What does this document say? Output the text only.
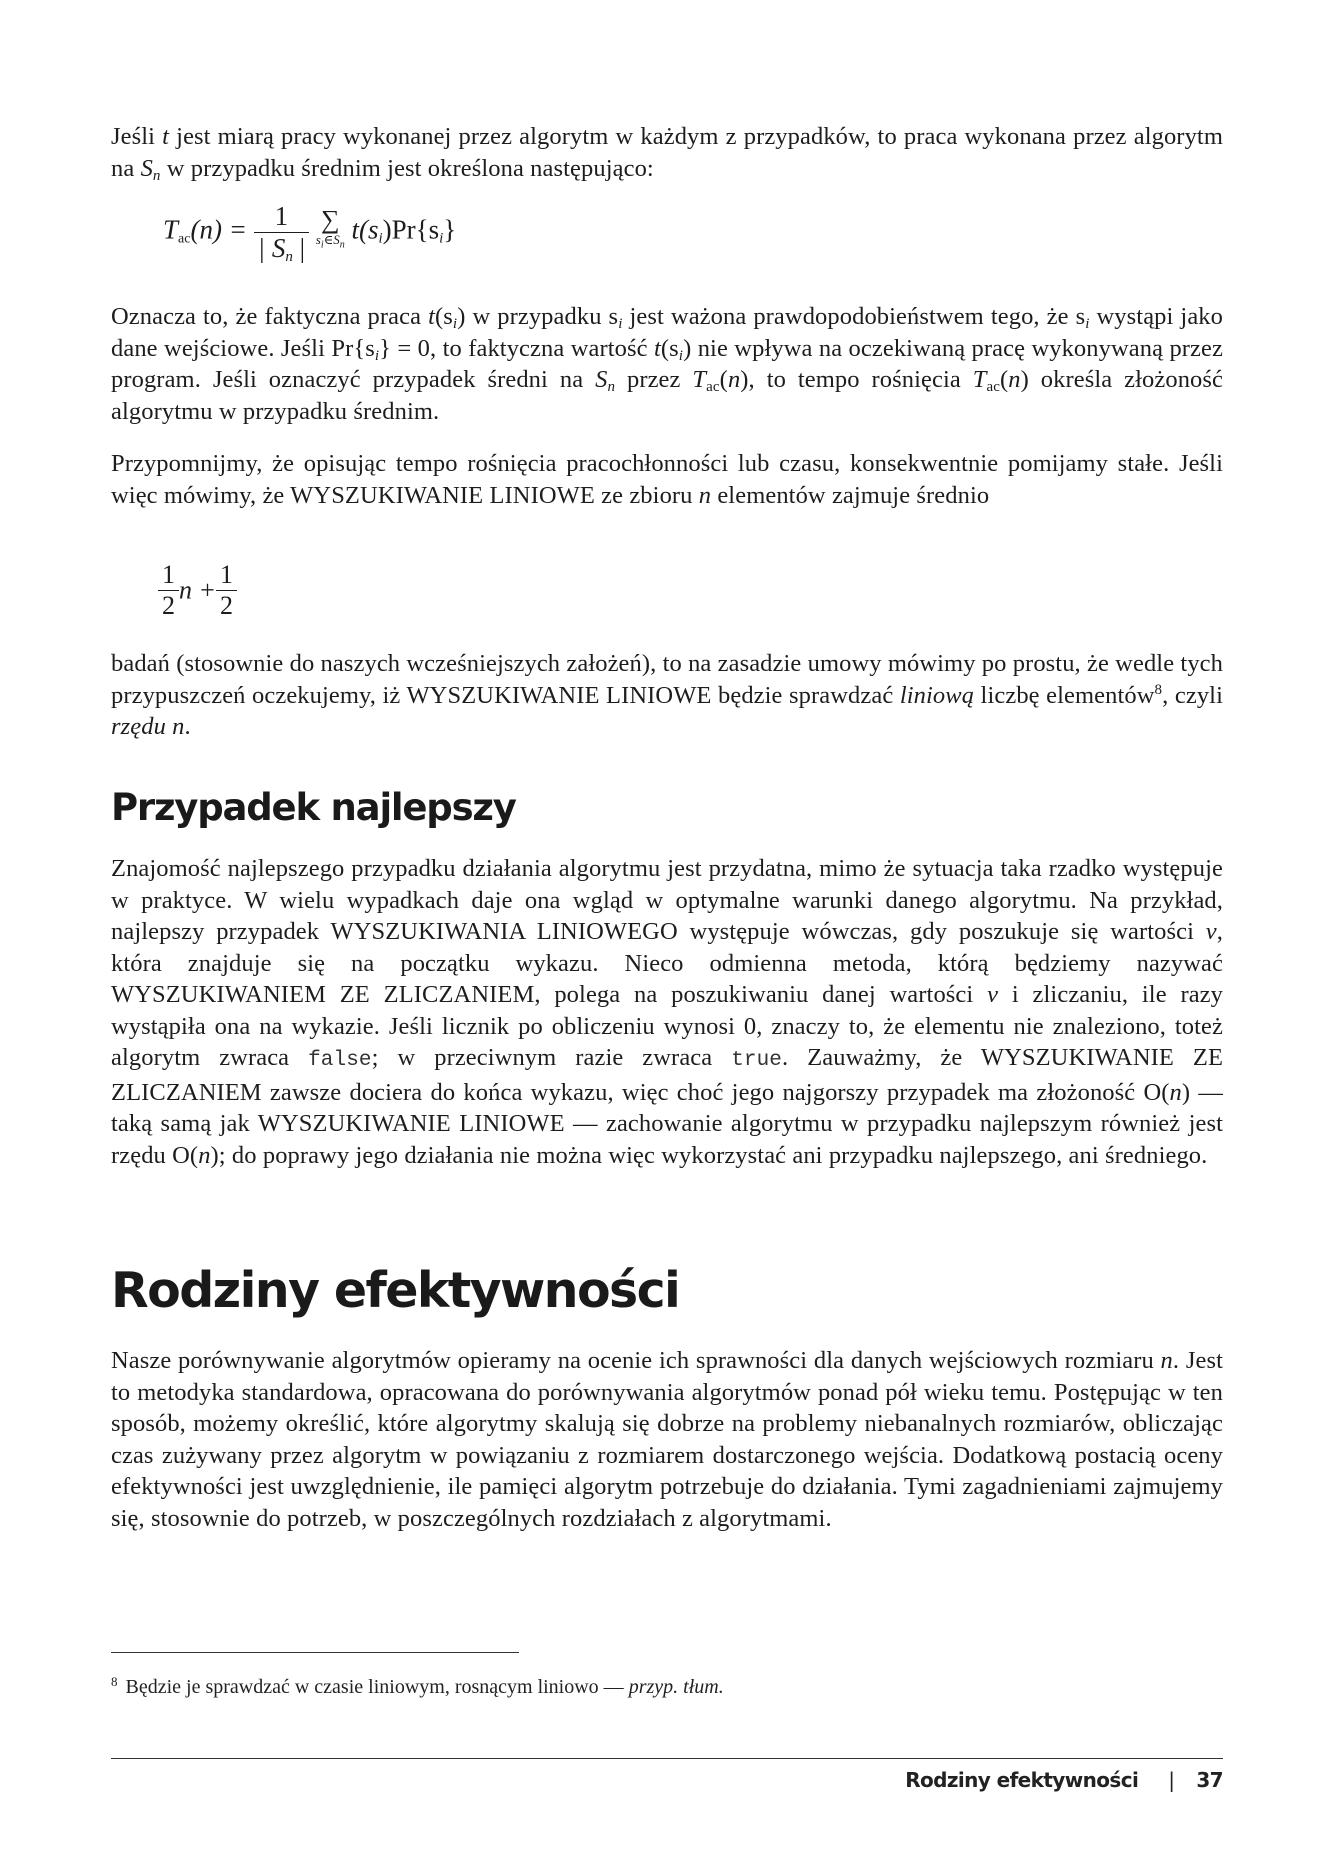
Jeśli t jest miarą pracy wykonanej przez algorytm w każdym z przypadków, to praca wykonana przez algorytm na $S_n$ w przypadku średnim jest określona następująco:

$T_{ac}(n) = \frac{1}{| S_n |}$
∑
$s_i\in S_n$
$t(s_i)Pr\{s_i\}$

Oznacza to, że faktyczna praca $t(s_i)$ w przypadku $s_i$ jest ważona prawdopodobieństwem tego, że $s_i$ wystąpi jako dane wejściowe. Jeśli $Pr\{s_i\} = 0$, to faktyczna wartość $t(s_i)$ nie wpływa na oczekiwaną pracę wykonywaną przez program. Jeśli oznaczyć przypadek średni na $S_n$ przez $T_{ac}(n)$, to tempo rośnięcia $T_{ac}(n)$ określa złożoność algorytmu w przypadku średnim.

Przypomnijmy, że opisując tempo rośnięcia pracochłonności lub czasu, konsekwentnie pomijamy stałe. Jeśli więc mówimy, że WYSZUKIWANIE LINIOWE ze zbioru n elementów zajmuje średnio

$\frac{1}{2}$ $n + \frac{1}{2}$

badań (stosownie do naszych wcześniejszych założeń), to na zasadzie umowy mówimy po prostu, że wedle tych przypuszczeń oczekujemy, iż WYSZUKIWANIE LINIOWE będzie sprawdzać liniową liczbę elementów$^8$, czyli rzędu n.

Przypadek najlepszy

Znajomość najlepszego przypadku działania algorytmu jest przydatna, mimo że sytuacja taka rzadko występuje w praktyce. W wielu wypadkach daje ona wgląd w optymalne warunki danego algorytmu. Na przykład, najlepszy przypadek WYSZUKIWANIA LINIOWEGO występuje wówczas, gdy poszukuje się wartości v, która znajduje się na początku wykazu. Nieco odmienna metoda, którą będziemy nazywać WYSZUKIWANIEM ZE ZLICZANIEM, polega na poszukiwaniu danej wartości v i zliczaniu, ile razy wystąpiła ona na wykazie. Jeśli licznik po obliczeniu wynosi 0, znaczy to, że elementu nie znaleziono, toteż algorytm zwraca false; w przeciwnym razie zwraca true. Zauważmy, że WYSZUKIWANIE ZE ZLICZANIEM zawsze dociera do końca wykazu, więc choć jego najgorszy przypadek ma złożoność O(n) — taką samą jak WYSZUKIWANIE LINIOWE — zachowanie algorytmu w przypadku najlepszym również jest rzędu O(n); do poprawy jego działania nie można więc wykorzystać ani przypadku najlepszego, ani średniego.

Rodziny efektywności

Nasze porównywanie algorytmów opieramy na ocenie ich sprawności dla danych wejściowych rozmiaru n. Jest to metodyka standardowa, opracowana do porównywania algorytmów ponad pół wieku temu. Postępując w ten sposób, możemy określić, które algorytmy skalują się dobrze na problemy niebanalnych rozmiarów, obliczając czas zużywany przez algorytm w powiązaniu z rozmiarem dostarczonego wejścia. Dodatkową postacią oceny efektywności jest uwzględnienie, ile pamięci algorytm potrzebuje do działania. Tymi zagadnieniami zajmujemy się, stosownie do potrzeb, w poszczególnych rozdziałach z algorytmami.

$^8$ Będzie je sprawdzać w czasie liniowym, rosnącym liniowo — przyp. tłum.
Rodziny efektywności | 37
